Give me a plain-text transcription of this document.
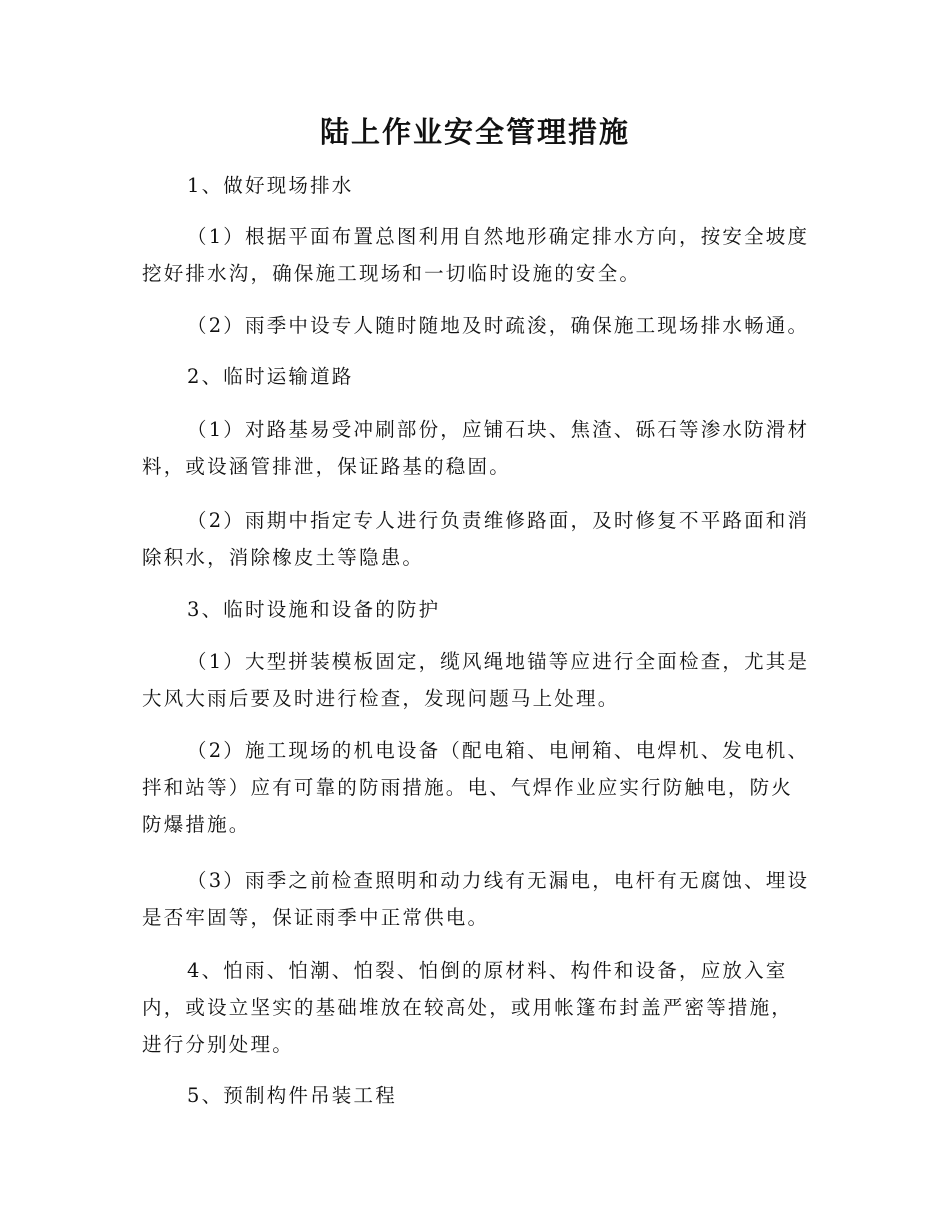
陆上作业安全管理措施

1、做好现场排水

（1）根据平面布置总图利用自然地形确定排水方向，按安全坡度挖好排水沟，确保施工现场和一切临时设施的安全。

（2）雨季中设专人随时随地及时疏浚，确保施工现场排水畅通。

2、临时运输道路

（1）对路基易受冲刷部份，应铺石块、焦渣、砾石等渗水防滑材料，或设涵管排泄，保证路基的稳固。

（2）雨期中指定专人进行负责维修路面，及时修复不平路面和消除积水，消除橡皮土等隐患。

3、临时设施和设备的防护

（1）大型拼装模板固定，缆风绳地锚等应进行全面检查，尤其是大风大雨后要及时进行检查，发现问题马上处理。

（2）施工现场的机电设备（配电箱、电闸箱、电焊机、发电机、拌和站等）应有可靠的防雨措施。电、气焊作业应实行防触电，防火防爆措施。

（3）雨季之前检查照明和动力线有无漏电，电杆有无腐蚀、埋设是否牢固等，保证雨季中正常供电。

4、怕雨、怕潮、怕裂、怕倒的原材料、构件和设备，应放入室内，或设立坚实的基础堆放在较高处，或用帐篷布封盖严密等措施，进行分别处理。

5、预制构件吊装工程
